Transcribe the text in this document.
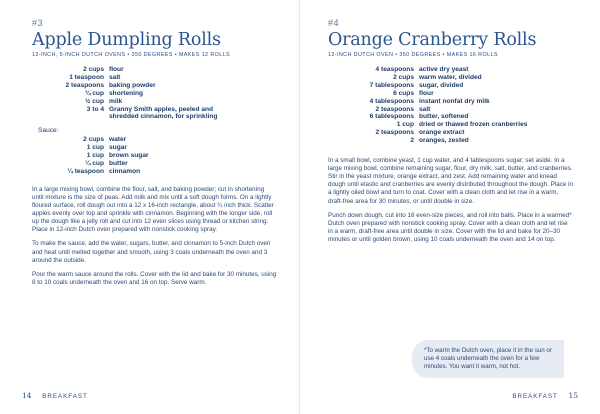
#3
Apple Dumpling Rolls
12-INCH, 5-INCH DUTCH OVENS • 350 DEGREES • MAKES 12 ROLLS
2 cups	flour
1 teaspoon	salt
2 teaspoons	baking powder
¾ cup	shortening
½ cup	milk
3 to 4	Granny Smith apples, peeled and shredded cinnamon, for sprinkling
Sauce:
2 cups	water
1 cup	sugar
1 cup	brown sugar
¼ cup	butter
¼ teaspoon	cinnamon

In a large mixing bowl, combine the flour, salt, and baking powder; cut in shortening until mixture is the size of peas. Add milk and mix until a soft dough forms. On a lightly floured surface, roll dough out into a 12 x 16-inch rectangle, about ¼ inch thick. Scatter apples evenly over top and sprinkle with cinnamon. Beginning with the longer side, roll up the dough like a jelly roll and cut into 12 even slices using thread or kitchen string. Place in 12-inch Dutch oven prepared with nonstick cooking spray.

To make the sauce, add the water, sugars, butter, and cinnamon to 5-inch Dutch oven and heat until melted together and smooth, using 3 coals underneath the oven and 3 around the outside.

Pour the warm sauce around the rolls. Cover with the lid and bake for 30 minutes, using 8 to 10 coals underneath the oven and 16 on top. Serve warm.

14 BREAKFAST
#4
Orange Cranberry Rolls
12-INCH DUTCH OVEN • 350 DEGREES • MAKES 16 ROLLS
4 teaspoons	active dry yeast
2 cups	warm water, divided
7 tablespoons	sugar, divided
6 cups	flour
4 tablespoons	instant nonfat dry milk
2 teaspoons	salt
6 tablespoons	butter, softened
1 cup	dried or thawed frozen cranberries
2 teaspoons	orange extract
2	oranges, zested

In a small bowl, combine yeast, 1 cup water, and 4 tablespoons sugar; set aside. In a large mixing bowl, combine remaining sugar, flour, dry milk, salt, butter, and cranberries. Stir in the yeast mixture, orange extract, and zest. Add remaining water and knead dough until elastic and cranberries are evenly distributed throughout the dough. Place in a lightly oiled bowl and turn to coat. Cover with a clean cloth and let rise in a warm, draft-free area for 30 minutes, or until double in size.

Punch down dough, cut into 16 even-size pieces, and roll into balls. Place in a warmed* Dutch oven prepared with nonstick cooking spray. Cover with a clean cloth and let rise in a warm, draft-free area until double in size. Cover with the lid and bake for 20–30 minutes or until golden brown, using 10 coals underneath the oven and 14 on top.

*To warm the Dutch oven, place it in the sun or use 4 coals underneath the oven for a few minutes. You want it warm, not hot.
BREAKFAST 15
